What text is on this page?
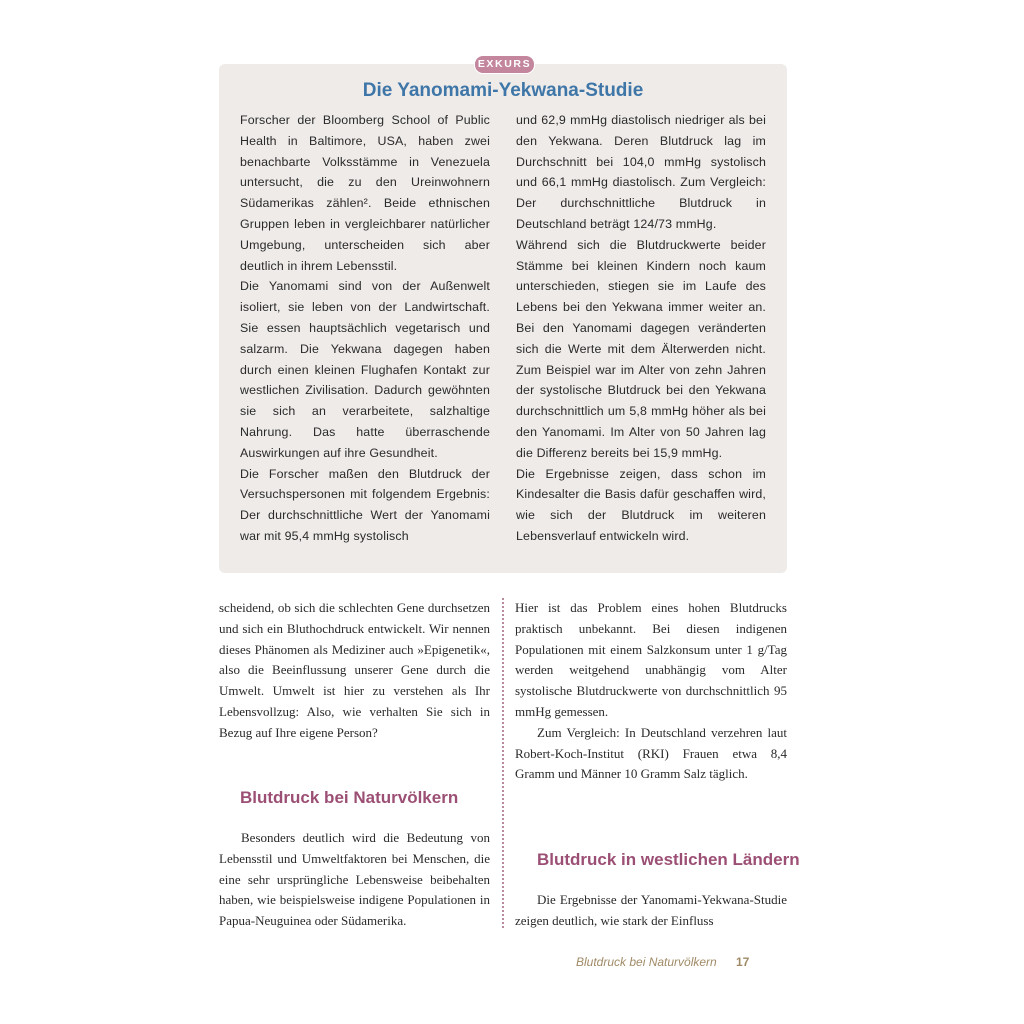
EXKURS
Die Yanomami-Yekwana-Studie

Forscher der Bloomberg School of Public Health in Baltimore, USA, haben zwei benachbarte Volksstämme in Venezuela untersucht, die zu den Ureinwohnern Südamerikas zählen². Beide ethnischen Gruppen leben in vergleichbarer natürlicher Umgebung, unterscheiden sich aber deutlich in ihrem Lebensstil.

Die Yanomami sind von der Außenwelt isoliert, sie leben von der Landwirtschaft. Sie essen hauptsächlich vegetarisch und salzarm. Die Yekwana dagegen haben durch einen kleinen Flughafen Kontakt zur westlichen Zivilisation. Dadurch gewöhnten sie sich an verarbeitete, salzhaltige Nahrung. Das hatte überraschende Auswirkungen auf ihre Gesundheit.

Die Forscher maßen den Blutdruck der Versuchspersonen mit folgendem Ergebnis: Der durchschnittliche Wert der Yanomami war mit 95,4 mmHg systolisch

und 62,9 mmHg diastolisch niedriger als bei den Yekwana. Deren Blutdruck lag im Durchschnitt bei 104,0 mmHg systolisch und 66,1 mmHg diastolisch. Zum Vergleich: Der durchschnittliche Blutdruck in Deutschland beträgt 124/73 mmHg.

Während sich die Blutdruckwerte beider Stämme bei kleinen Kindern noch kaum unterschieden, stiegen sie im Laufe des Lebens bei den Yekwana immer weiter an. Bei den Yanomami dagegen veränderten sich die Werte mit dem Älterwerden nicht. Zum Beispiel war im Alter von zehn Jahren der systolische Blutdruck bei den Yekwana durchschnittlich um 5,8 mmHg höher als bei den Yanomami. Im Alter von 50 Jahren lag die Differenz bereits bei 15,9 mmHg.

Die Ergebnisse zeigen, dass schon im Kindesalter die Basis dafür geschaffen wird, wie sich der Blutdruck im weiteren Lebensverlauf entwickeln wird.

scheidend, ob sich die schlechten Gene durchsetzen und sich ein Bluthochdruck entwickelt. Wir nennen dieses Phänomen als Mediziner auch »Epigenetik«, also die Beeinflussung unserer Gene durch die Umwelt. Umwelt ist hier zu verstehen als Ihr Lebensvollzug: Also, wie verhalten Sie sich in Bezug auf Ihre eigene Person?

Blutdruck bei Naturvölkern

Besonders deutlich wird die Bedeutung von Lebensstil und Umweltfaktoren bei Menschen, die eine sehr ursprüngliche Lebensweise beibehalten haben, wie beispielsweise indigene Populationen in Papua-Neuguinea oder Südamerika.

Hier ist das Problem eines hohen Blutdrucks praktisch unbekannt. Bei diesen indigenen Populationen mit einem Salzkonsum unter 1 g/Tag werden weitgehend unabhängig vom Alter systolische Blutdruckwerte von durchschnittlich 95 mmHg gemessen.

Zum Vergleich: In Deutschland verzehren laut Robert-Koch-Institut (RKI) Frauen etwa 8,4 Gramm und Männer 10 Gramm Salz täglich.

Blutdruck in westlichen Ländern

Die Ergebnisse der Yanomami-Yekwana-Studie zeigen deutlich, wie stark der Einfluss

Blutdruck bei Naturvölkern 17
